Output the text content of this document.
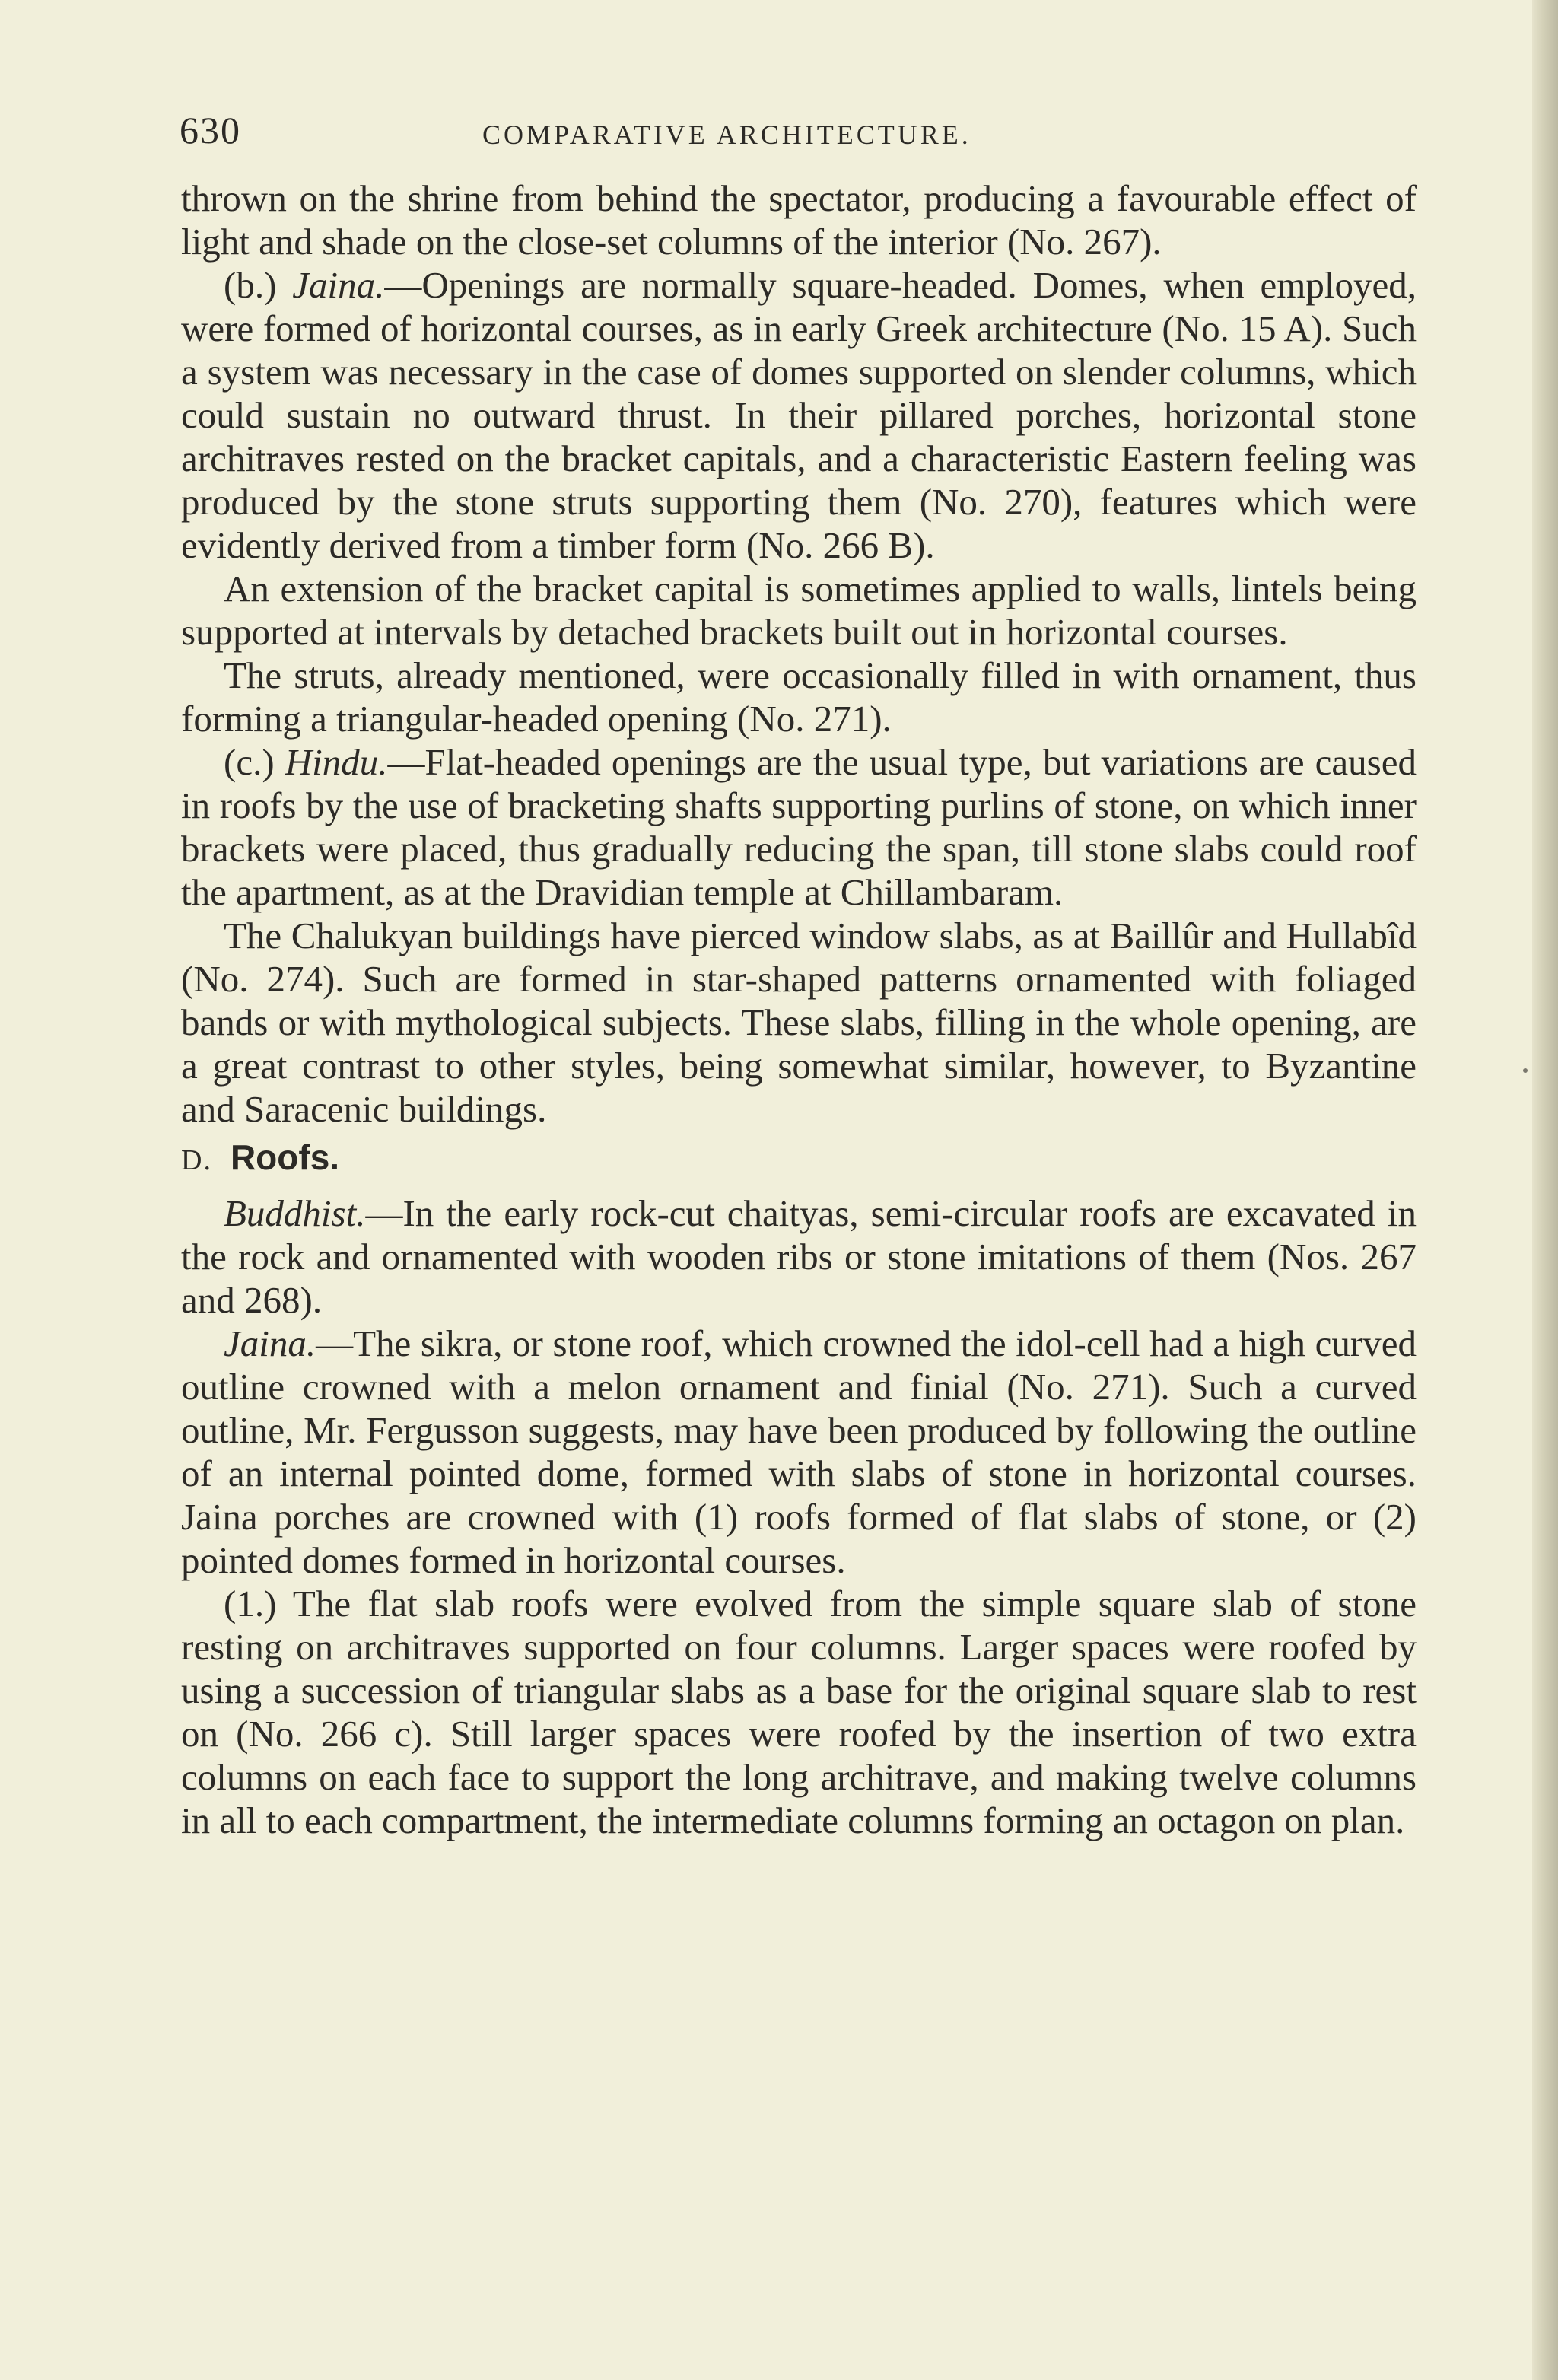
630	COMPARATIVE ARCHITECTURE.

thrown on the shrine from behind the spectator, producing a favourable effect of light and shade on the close-set columns of the interior (No. 267).

(b.) Jaina.—Openings are normally square-headed. Domes, when employed, were formed of horizontal courses, as in early Greek architecture (No. 15 A). Such a system was necessary in the case of domes supported on slender columns, which could sustain no outward thrust. In their pillared porches, horizontal stone architraves rested on the bracket capitals, and a characteristic Eastern feeling was produced by the stone struts supporting them (No. 270), features which were evidently derived from a timber form (No. 266 B).

An extension of the bracket capital is sometimes applied to walls, lintels being supported at intervals by detached brackets built out in horizontal courses.

The struts, already mentioned, were occasionally filled in with ornament, thus forming a triangular-headed opening (No. 271).

(c.) Hindu.—Flat-headed openings are the usual type, but variations are caused in roofs by the use of bracketing shafts supporting purlins of stone, on which inner brackets were placed, thus gradually reducing the span, till stone slabs could roof the apartment, as at the Dravidian temple at Chillambaram.

The Chalukyan buildings have pierced window slabs, as at Baillûr and Hullabîd (No. 274). Such are formed in star-shaped patterns ornamented with foliaged bands or with mythological subjects. These slabs, filling in the whole opening, are a great contrast to other styles, being somewhat similar, however, to Byzantine and Saracenic buildings.

D. Roofs.

Buddhist.—In the early rock-cut chaityas, semi-circular roofs are excavated in the rock and ornamented with wooden ribs or stone imitations of them (Nos. 267 and 268).

Jaina.—The sikra, or stone roof, which crowned the idol-cell had a high curved outline crowned with a melon ornament and finial (No. 271). Such a curved outline, Mr. Fergusson suggests, may have been produced by following the outline of an internal pointed dome, formed with slabs of stone in horizontal courses. Jaina porches are crowned with (1) roofs formed of flat slabs of stone, or (2) pointed domes formed in horizontal courses.

(1.) The flat slab roofs were evolved from the simple square slab of stone resting on architraves supported on four columns. Larger spaces were roofed by using a succession of triangular slabs as a base for the original square slab to rest on (No. 266 c). Still larger spaces were roofed by the insertion of two extra columns on each face to support the long architrave, and making twelve columns in all to each compartment, the intermediate columns forming an octagon on plan.
